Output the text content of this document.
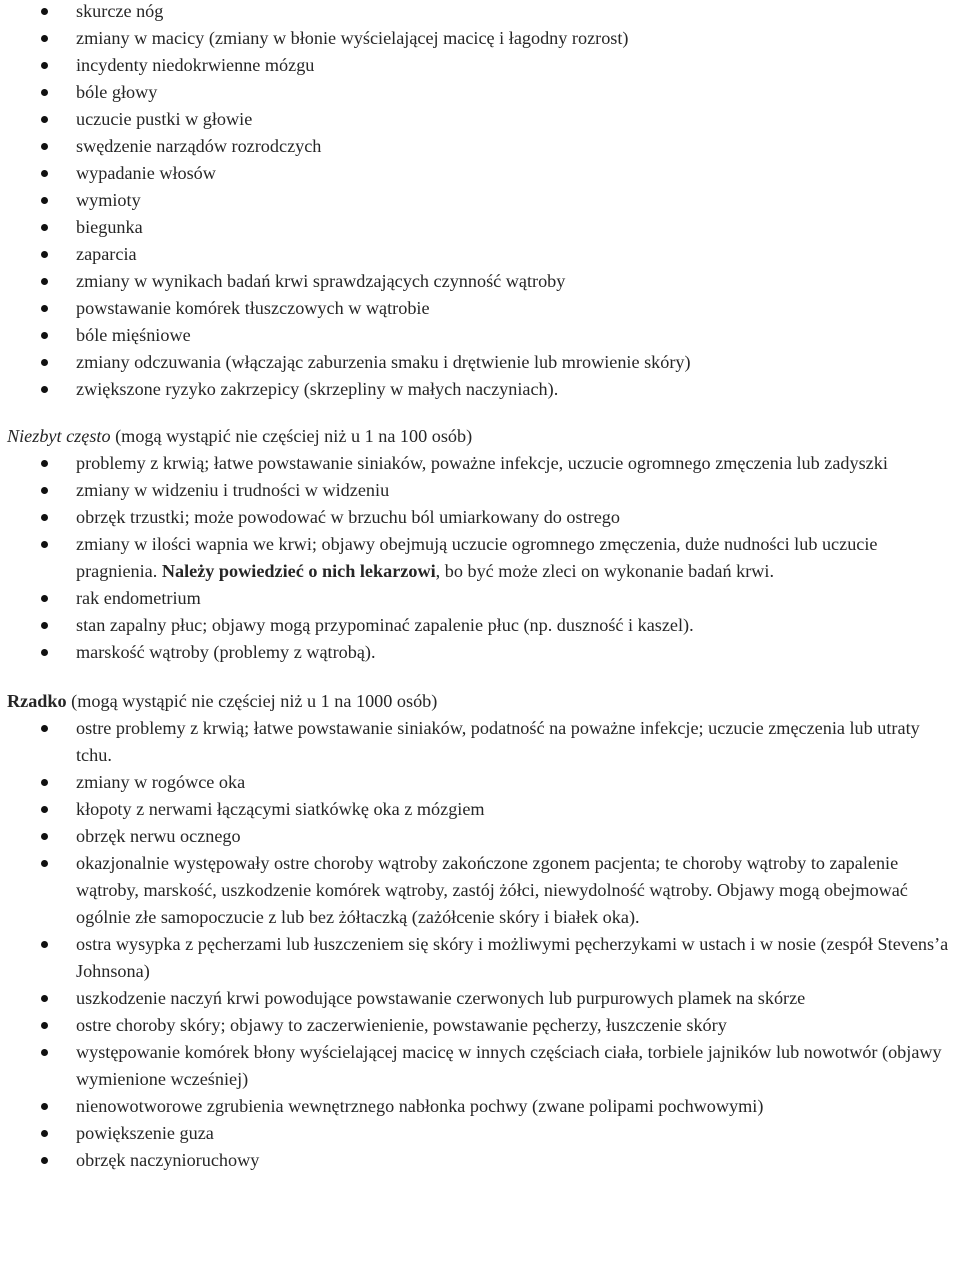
skurcze nóg
zmiany w macicy (zmiany w błonie wyścielającej macicę i łagodny rozrost)
incydenty niedokrwienne mózgu
bóle głowy
uczucie pustki w głowie
swędzenie narządów rozrodczych
wypadanie włosów
wymioty
biegunka
zaparcia
zmiany w wynikach badań krwi sprawdzających czynność wątroby
powstawanie komórek tłuszczowych w wątrobie
bóle mięśniowe
zmiany odczuwania (włączając zaburzenia smaku i drętwienie lub mrowienie skóry)
zwiększone ryzyko zakrzepicy (skrzepliny w małych naczyniach).

Niezbyt często (mogą wystąpić nie częściej niż u 1 na 100 osób)

problemy z krwią; łatwe powstawanie siniaków, poważne infekcje, uczucie ogromnego zmęczenia lub zadyszki
zmiany w widzeniu i trudności w widzeniu
obrzęk trzustki; może powodować w brzuchu ból umiarkowany do ostrego
zmiany w ilości wapnia we krwi; objawy obejmują uczucie ogromnego zmęczenia, duże nudności lub uczucie pragnienia. Należy powiedzieć o nich lekarzowi, bo być może zleci on wykonanie badań krwi.
rak endometrium
stan zapalny płuc; objawy mogą przypominać zapalenie płuc (np. duszność i kaszel).
marskość wątroby (problemy z wątrobą).

Rzadko (mogą wystąpić nie częściej niż u 1 na 1000 osób)

ostre problemy z krwią; łatwe powstawanie siniaków, podatność na poważne infekcje; uczucie zmęczenia lub utraty tchu.
zmiany w rogówce oka
kłopoty z nerwami łączącymi siatkówkę oka z mózgiem
obrzęk nerwu ocznego
okazjonalnie występowały ostre choroby wątroby zakończone zgonem pacjenta; te choroby wątroby to zapalenie wątroby, marskość, uszkodzenie komórek wątroby, zastój żółci, niewydolność wątroby. Objawy mogą obejmować ogólnie złe samopoczucie z lub bez żółtaczką (zażółcenie skóry i białek oka).
ostra wysypka z pęcherzami lub łuszczeniem się skóry i możliwymi pęcherzykami w ustach i w nosie (zespół Stevens’a Johnsona)
uszkodzenie naczyń krwi powodujące powstawanie czerwonych lub purpurowych plamek na skórze
ostre choroby skóry; objawy to zaczerwienienie, powstawanie pęcherzy, łuszczenie skóry
występowanie komórek błony wyścielającej macicę w innych częściach ciała, torbiele jajników lub nowotwór (objawy wymienione wcześniej)
nienowotworowe zgrubienia wewnętrznego nabłonka pochwy (zwane polipami pochwowymi)
powiększenie guza
obrzęk naczynioruchowy
